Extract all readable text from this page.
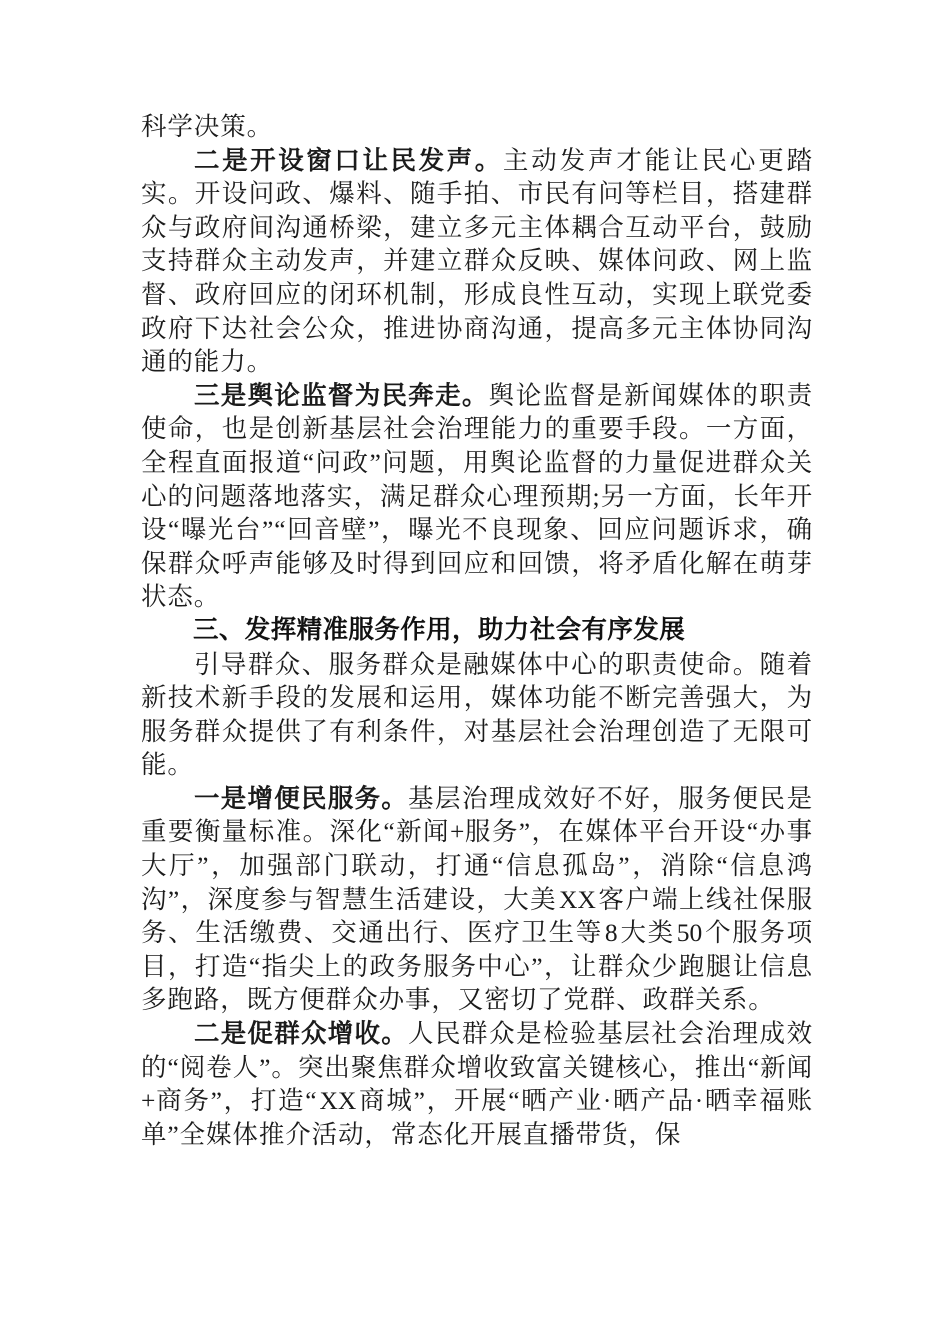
科学决策。

二是开设窗口让民发声。主动发声才能让民心更踏实。开设问政、爆料、随手拍、市民有问等栏目，搭建群众与政府间沟通桥梁，建立多元主体耦合互动平台，鼓励支持群众主动发声，并建立群众反映、媒体问政、网上监督、政府回应的闭环机制，形成良性互动，实现上联党委政府下达社会公众，推进协商沟通，提高多元主体协同沟通的能力。

三是舆论监督为民奔走。舆论监督是新闻媒体的职责使命，也是创新基层社会治理能力的重要手段。一方面，全程直面报道“问政”问题，用舆论监督的力量促进群众关心的问题落地落实，满足群众心理预期;另一方面，长年开设“曝光台”“回音壁”，曝光不良现象、回应问题诉求，确保群众呼声能够及时得到回应和回馈，将矛盾化解在萌芽状态。

三、发挥精准服务作用，助力社会有序发展

引导群众、服务群众是融媒体中心的职责使命。随着新技术新手段的发展和运用，媒体功能不断完善强大，为服务群众提供了有利条件，对基层社会治理创造了无限可能。

一是增便民服务。基层治理成效好不好，服务便民是重要衡量标准。深化“新闻+服务”，在媒体平台开设“办事大厅”，加强部门联动，打通“信息孤岛”，消除“信息鸿沟”，深度参与智慧生活建设，大美XX客户端上线社保服务、生活缴费、交通出行、医疗卫生等8大类50个服务项目，打造“指尖上的政务服务中心”，让群众少跑腿让信息多跑路，既方便群众办事，又密切了党群、政群关系。

二是促群众增收。人民群众是检验基层社会治理成效的“阅卷人”。突出聚焦群众增收致富关键核心，推出“新闻+商务”，打造“XX商城”，开展“晒产业·晒产品·晒幸福账单”全媒体推介活动，常态化开展直播带货，保
